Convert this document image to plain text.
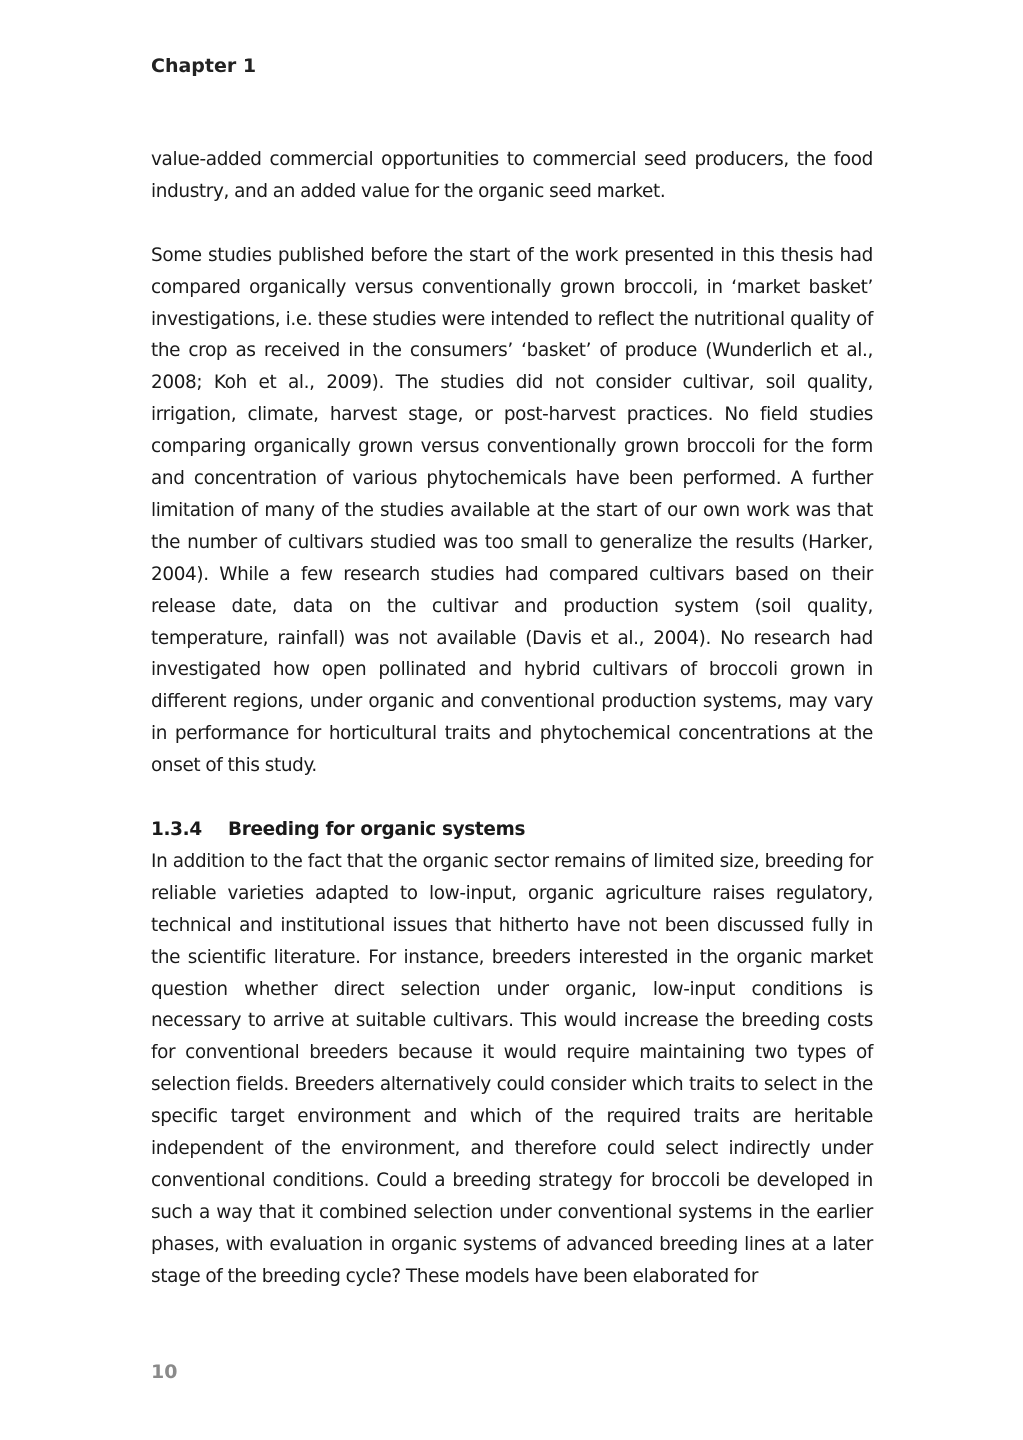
Chapter 1

value-added commercial opportunities to commercial seed producers, the food industry, and an added value for the organic seed market.

Some studies published before the start of the work presented in this thesis had compared organically versus conventionally grown broccoli, in ‘market basket’ investigations, i.e. these studies were intended to reflect the nutritional quality of the crop as received in the consumers’ ‘basket’ of produce (Wunderlich et al., 2008; Koh et al., 2009). The studies did not consider cultivar, soil quality, irrigation, climate, harvest stage, or post-harvest practices. No field studies comparing organically grown versus conventionally grown broccoli for the form and concentration of various phytochemicals have been performed. A further limitation of many of the studies available at the start of our own work was that the number of cultivars studied was too small to generalize the results (Harker, 2004). While a few research studies had compared cultivars based on their release date, data on the cultivar and production system (soil quality, temperature, rainfall) was not available (Davis et al., 2004). No research had investigated how open pollinated and hybrid cultivars of broccoli grown in different regions, under organic and conventional production systems, may vary in performance for horticultural traits and phytochemical concentrations at the onset of this study.

1.3.4 Breeding for organic systems

In addition to the fact that the organic sector remains of limited size, breeding for reliable varieties adapted to low-input, organic agriculture raises regulatory, technical and institutional issues that hitherto have not been discussed fully in the scientific literature. For instance, breeders interested in the organic market question whether direct selection under organic, low-input conditions is necessary to arrive at suitable cultivars. This would increase the breeding costs for conventional breeders because it would require maintaining two types of selection fields. Breeders alternatively could consider which traits to select in the specific target environment and which of the required traits are heritable independent of the environment, and therefore could select indirectly under conventional conditions. Could a breeding strategy for broccoli be developed in such a way that it combined selection under conventional systems in the earlier phases, with evaluation in organic systems of advanced breeding lines at a later stage of the breeding cycle? These models have been elaborated for

10
